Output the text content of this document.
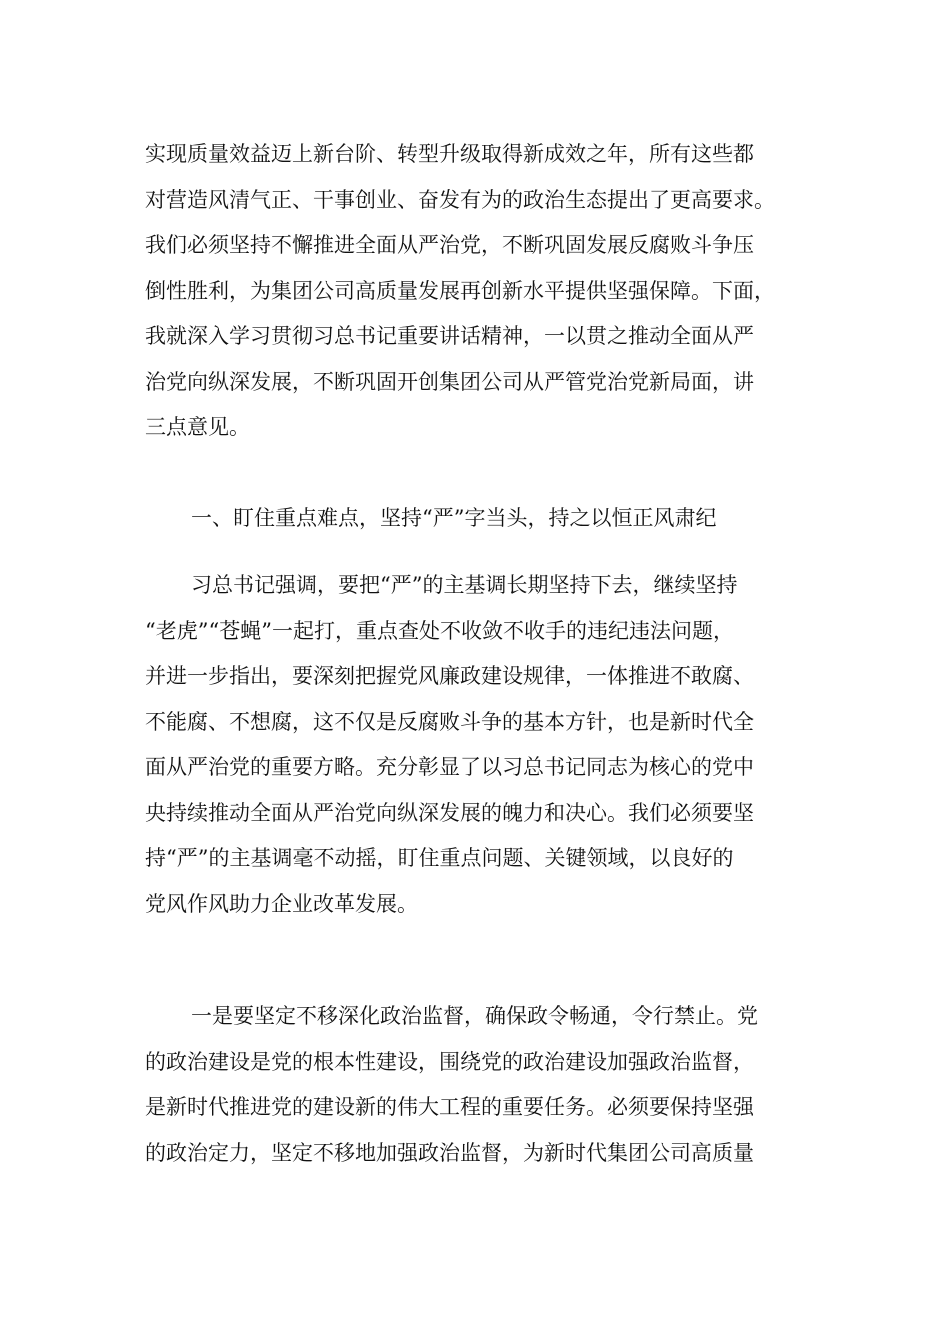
实现质量效益迈上新台阶、转型升级取得新成效之年，所有这些都
对营造风清气正、干事创业、奋发有为的政治生态提出了更高要求。
我们必须坚持不懈推进全面从严治党，不断巩固发展反腐败斗争压
倒性胜利，为集团公司高质量发展再创新水平提供坚强保障。下面，
我就深入学习贯彻习总书记重要讲话精神，一以贯之推动全面从严
治党向纵深发展，不断巩固开创集团公司从严管党治党新局面，讲
三点意见。
一、盯住重点难点，坚持“严”字当头，持之以恒正风肃纪
习总书记强调，要把“严”的主基调长期坚持下去，继续坚持
“老虎”“苍蝇”一起打，重点查处不收敛不收手的违纪违法问题，
并进一步指出，要深刻把握党风廉政建设规律，一体推进不敢腐、
不能腐、不想腐，这不仅是反腐败斗争的基本方针，也是新时代全
面从严治党的重要方略。充分彰显了以习总书记同志为核心的党中
央持续推动全面从严治党向纵深发展的魄力和决心。我们必须要坚
持“严”的主基调毫不动摇，盯住重点问题、关键领域，以良好的
党风作风助力企业改革发展。
一是要坚定不移深化政治监督，确保政令畅通，令行禁止。党
的政治建设是党的根本性建设，围绕党的政治建设加强政治监督，
是新时代推进党的建设新的伟大工程的重要任务。必须要保持坚强
的政治定力，坚定不移地加强政治监督，为新时代集团公司高质量
